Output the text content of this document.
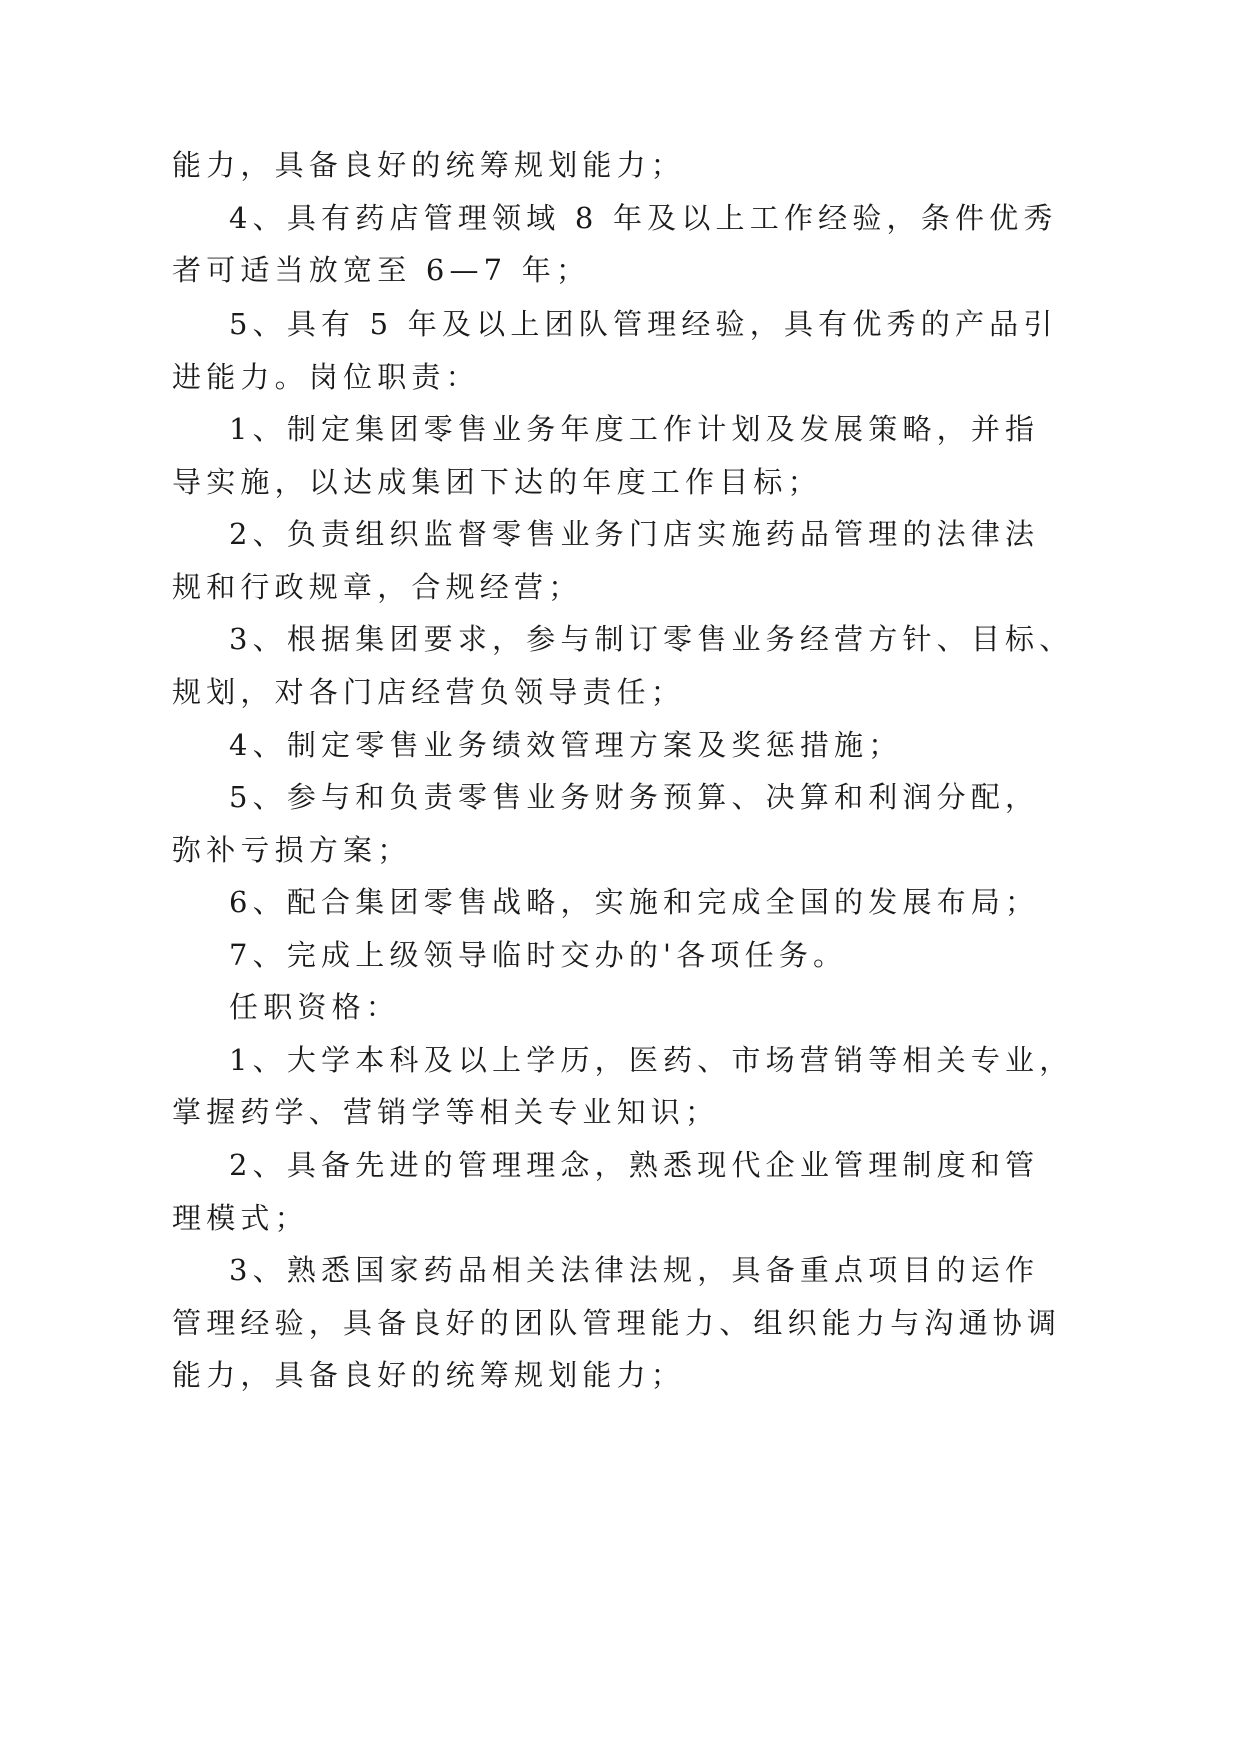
能力，具备良好的统筹规划能力；
4、具有药店管理领域 8 年及以上工作经验，条件优秀
者可适当放宽至 6—7 年；
5、具有 5 年及以上团队管理经验，具有优秀的产品引
进能力。岗位职责：
1、制定集团零售业务年度工作计划及发展策略，并指
导实施，以达成集团下达的年度工作目标；
2、负责组织监督零售业务门店实施药品管理的法律法
规和行政规章，合规经营；
3、根据集团要求，参与制订零售业务经营方针、目标、
规划，对各门店经营负领导责任；
4、制定零售业务绩效管理方案及奖惩措施；
5、参与和负责零售业务财务预算、决算和利润分配，
弥补亏损方案；
6、配合集团零售战略，实施和完成全国的发展布局；
7、完成上级领导临时交办的'各项任务。
任职资格：
1、大学本科及以上学历，医药、市场营销等相关专业，
掌握药学、营销学等相关专业知识；
2、具备先进的管理理念，熟悉现代企业管理制度和管
理模式；
3、熟悉国家药品相关法律法规，具备重点项目的运作
管理经验，具备良好的团队管理能力、组织能力与沟通协调
能力，具备良好的统筹规划能力；
